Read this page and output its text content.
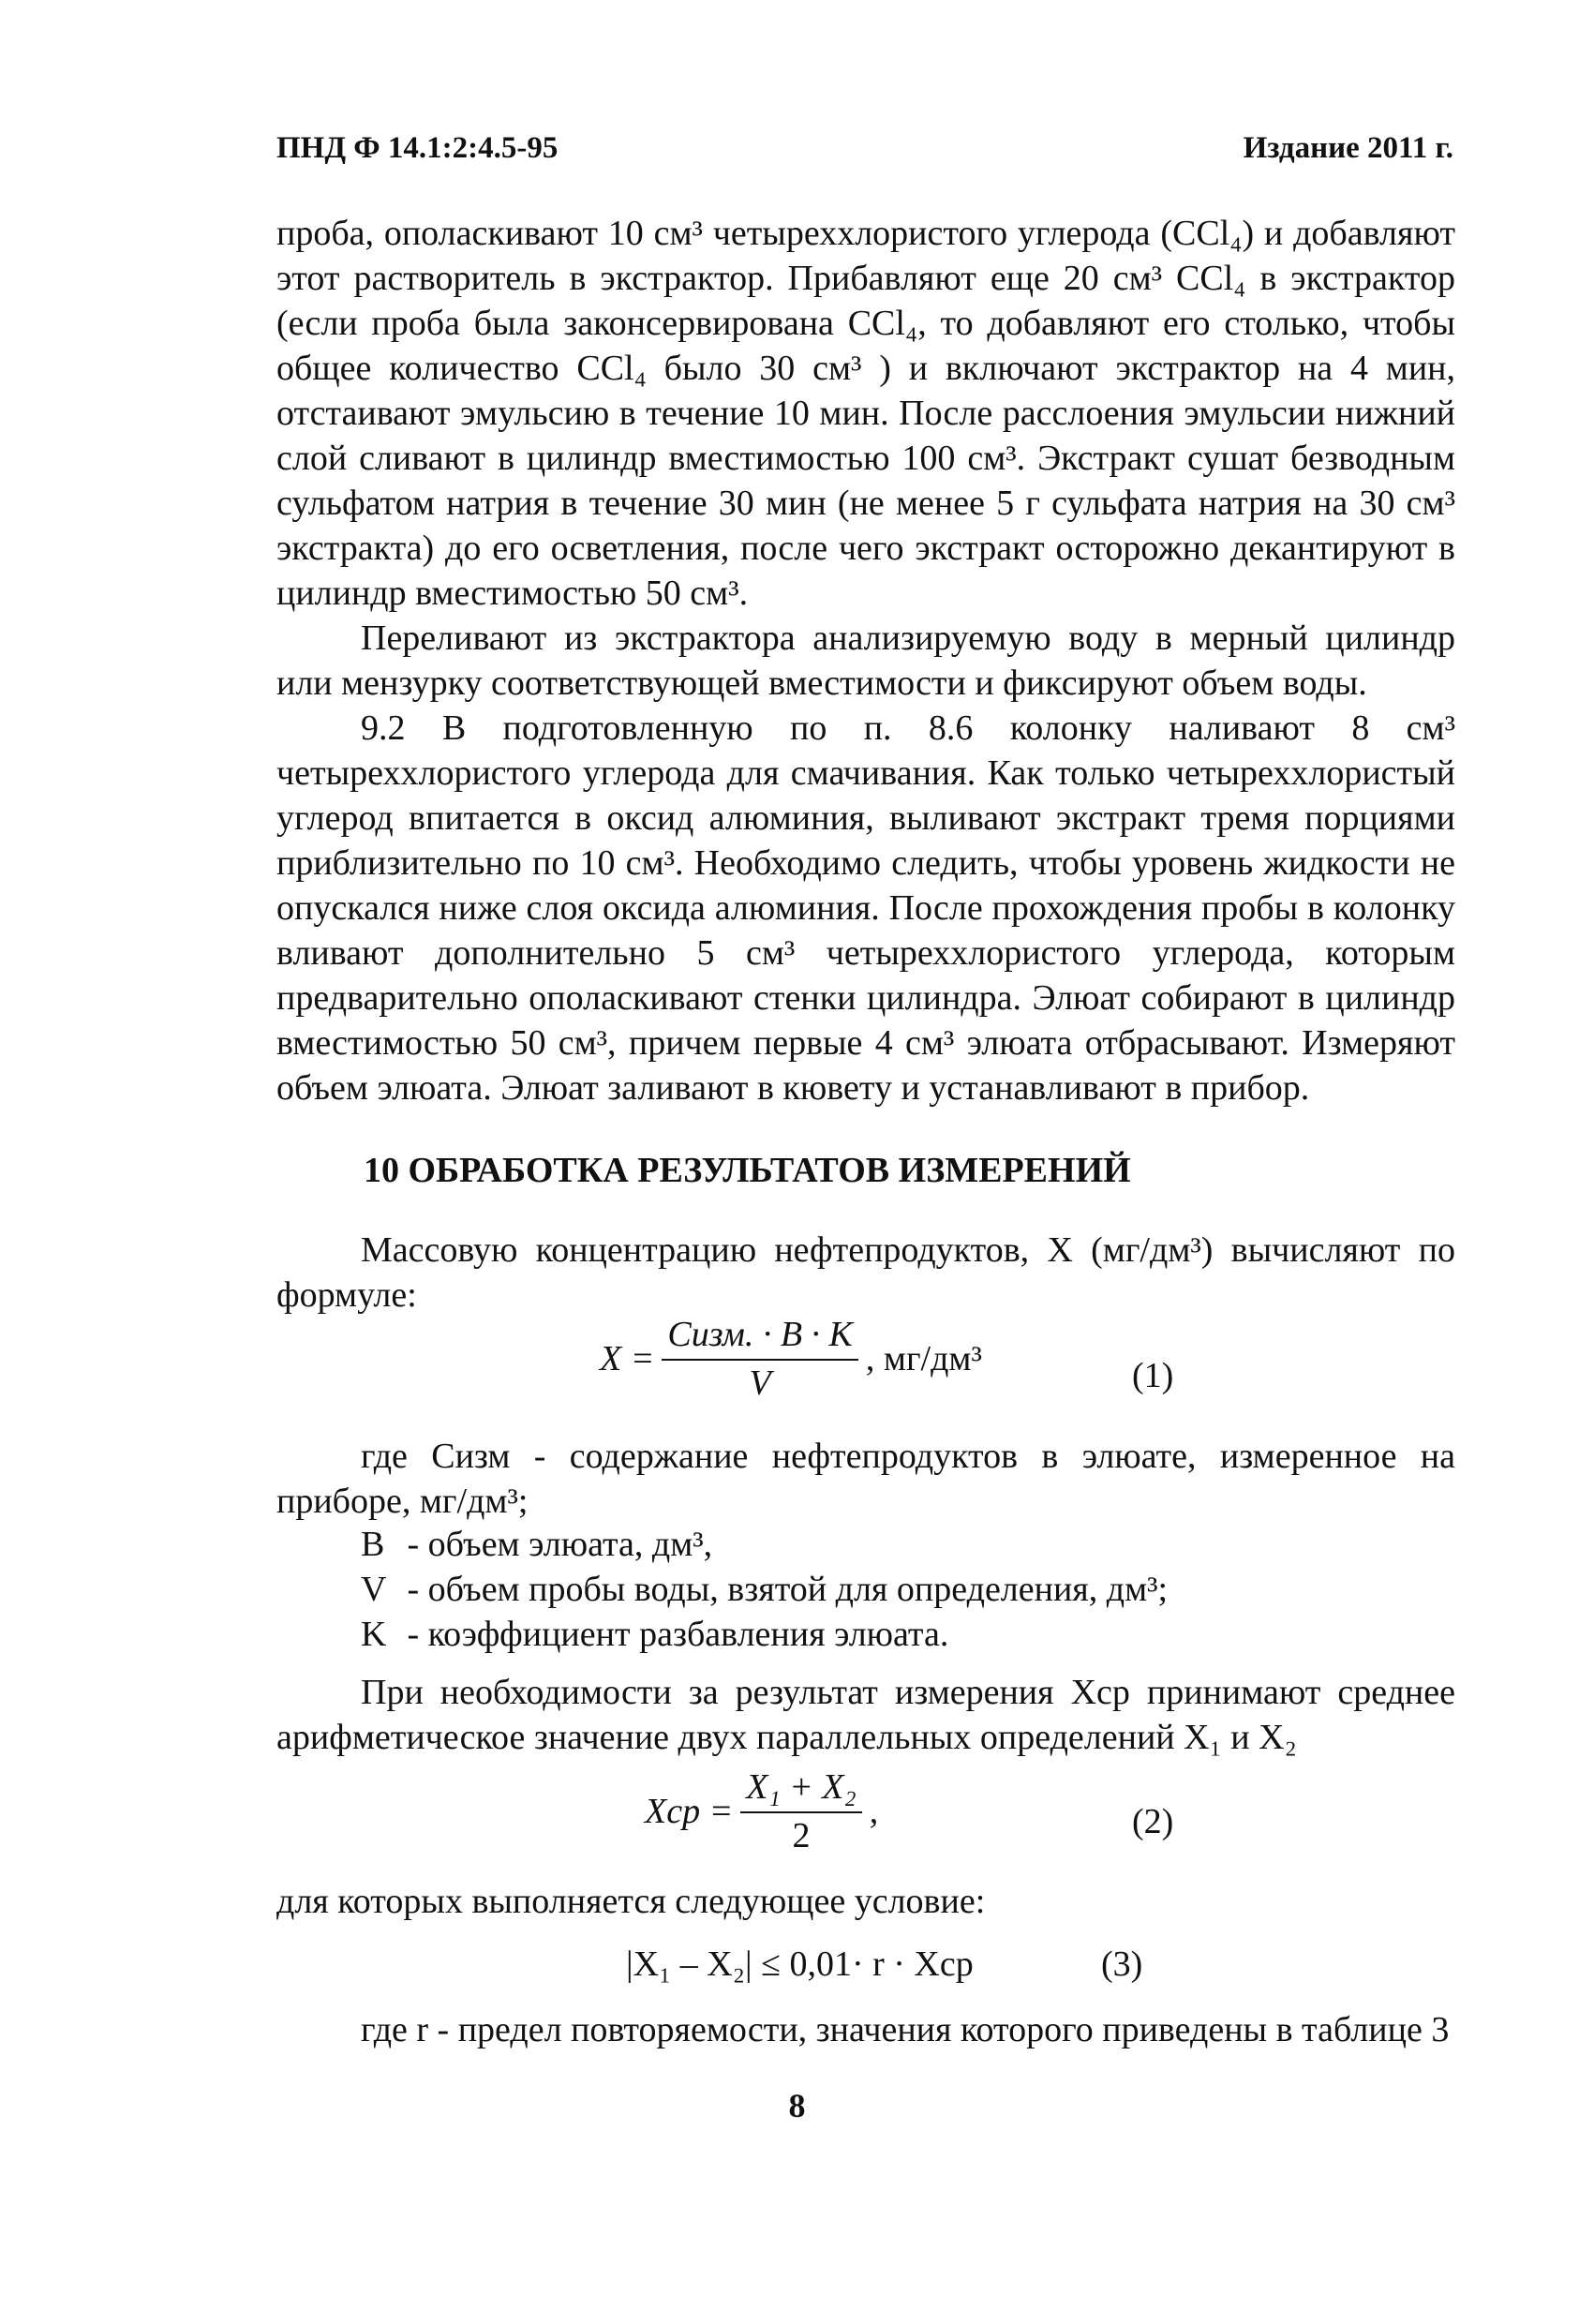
ПНД Ф 14.1:2:4.5-95	Издание 2011 г.

проба, ополаскивают 10 см³ четыреххлористого углерода (CCl₄) и добавляют этот растворитель в экстрактор. Прибавляют еще 20 см³ CCl₄ в экстрактор (если проба была законсервирована CCl₄, то добавляют его столько, чтобы общее количество CCl₄ было 30 см³ ) и включают экстрактор на 4 мин, отстаивают эмульсию в течение 10 мин. После расслоения эмульсии нижний слой сливают в цилиндр вместимостью 100 см³. Экстракт сушат безводным сульфатом натрия в течение 30 мин (не менее 5 г сульфата натрия на 30 см³ экстракта) до его осветления, после чего экстракт осторожно декантируют в цилиндр вместимостью 50 см³.

Переливают из экстрактора анализируемую воду в мерный цилиндр или мензурку соответствующей вместимости и фиксируют объем воды.

9.2 В подготовленную по п. 8.6 колонку наливают 8 см³ четыреххлористого углерода для смачивания. Как только четыреххлористый углерод впитается в оксид алюминия, выливают экстракт тремя порциями приблизительно по 10 см³. Необходимо следить, чтобы уровень жидкости не опускался ниже слоя оксида алюминия. После прохождения пробы в колонку вливают дополнительно 5 см³ четыреххлористого углерода, которым предварительно ополаскивают стенки цилиндра. Элюат собирают в цилиндр вместимостью 50 см³, причем первые 4 см³ элюата отбрасывают. Измеряют объем элюата. Элюат заливают в кювету и устанавливают в прибор.

10 ОБРАБОТКА РЕЗУЛЬТАТОВ ИЗМЕРЕНИЙ

Массовую концентрацию нефтепродуктов, X (мг/дм³) вычисляют по формуле:

$X = \frac{\text{Cизм. · B · K}}{V}$ , мг/дм³	(1)

где Cизм - содержание нефтепродуктов в элюате, измеренное на приборе, мг/дм³;

B - объем элюата, дм³,
V - объем пробы воды, взятой для определения, дм³;
K - коэффициент разбавления элюата.

При необходимости за результат измерения Xср принимают среднее арифметическое значение двух параллельных определений X₁ и X₂

Xср = $\frac{\text{X₁ + X₂}}{2}$ ,	(2)

для которых выполняется следующее условие:

|X₁ – X₂| ≤ 0,01· r · Xср	(3)

где r - предел повторяемости, значения которого приведены в таблице 3

8
